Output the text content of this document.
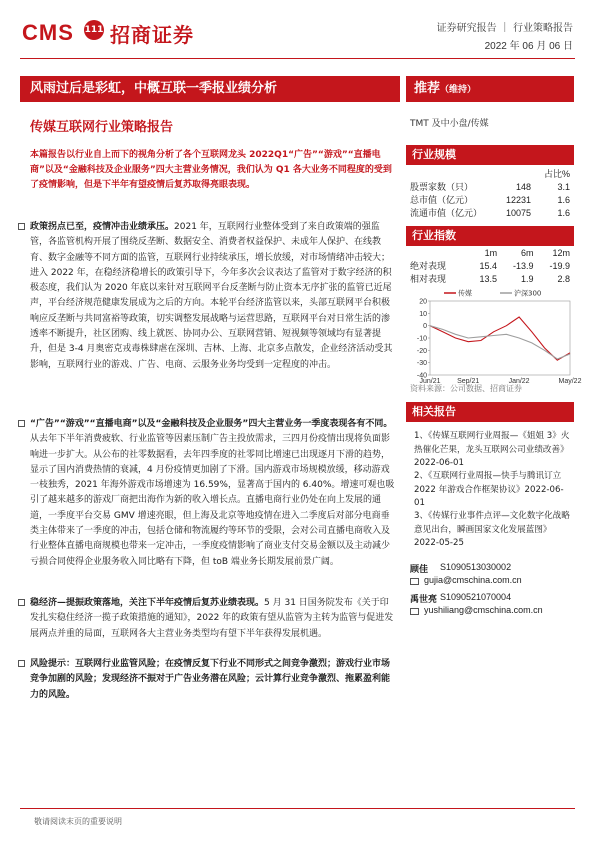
CMS 111 招商证券	证券研究报告 ｜ 行业策略报告
2022 年 06 月 06 日
风雨过后是彩虹，中概互联一季报业绩分析
传媒互联网行业策略报告
本篇报告以行业自上而下的视角分析了各个互联网龙头 2022Q1“广告”“游戏”“直播电商”以及“金融科技及企业服务”四大主营业务情况，我们认为 Q1 各大业务不同程度的受到了疫情影响，但是下半年有望疫情后复苏取得亮眼表现。
政策拐点已至，疫情冲击业绩承压。2021 年，互联网行业整体受到了来自政策端的强监管，各监管机构开展了围绕反垄断、数据安全、消费者权益保护、未成年人保护、在线教育、数字金融等不同方面的监管，互联网行业持续承压，增长放缓，对市场情绪冲击较大；进入 2022 年，在稳经济稳增长的政策引导下，今年多次会议表达了监管对于数字经济的积极态度，我们认为 2020 年底以来针对互联网平台反垄断与防止资本无序扩张的监管已近尾声，平台经济规范健康发展成为之后的方向。本轮平台经济监管以来，头部互联网平台积极响应反垄断与共同富裕等政策，切实调整发展战略与运营思路，互联网平台对日常生活的渗透率不断提升，社区团购、线上就医、协同办公、互联网营销、短视频等领域均有显著提升，但是 3-4 月奥密克戎毒株肆虐在深圳、吉林、上海、北京多点散发，企业经济活动受其影响，互联网行业的游戏、广告、电商、云服务业务均受到一定程度的冲击。
“广告”“游戏”“直播电商”以及“金融科技及企业服务”四大主营业务一季度表现各有不同。从去年下半年消费疲软、行业监管等因素压制广告主投放需求，三四月份疫情出现将负面影响进一步扩大。从公布的社零数据看，去年四季度的社零同比增速已出现逐月下滑的趋势，显示了国内消费热情的衰减，4 月份疫情更加剧了下滑。国内游戏市场规模放缓，移动游戏一枝独秀，2021 年海外游戏市场增速为 16.59%，显著高于国内的 6.40%。增速可观也吸引了越来越多的游戏厂商把出海作为新的收入增长点。直播电商行业仍处在向上发展的通道，一季度平台交易 GMV 增速亮眼，但上海及北京等地疫情在进入二季度后对部分电商垂类主体带来了一季度的冲击，包括仓储和物流履约等环节的受限，会对公司直播电商收入及行业整体直播电商规模也带来一定冲击，一季度疫情影响了商业支付交易金额以及主动减少亏损合同使得企业服务收入同比略有下降，但 toB 端业务长期发展前景广阔。
稳经济—提振政策落地，关注下半年疫情后复苏业绩表现。5 月 31 日国务院发布《关于印发扎实稳住经济一揽子政策措施的通知》，2022 年的政策有望从监管为主转为监管与促进发展两点并重的局面，互联网各大主营业务类型均有望下半年获得发展机遇。
风险提示：互联网行业监管风险；在疫情反复下行业不同形式之间竞争激烈；游戏行业市场竞争加剧的风险；发现经济不振对于广告业务潜在风险；云计算行业竞争激烈、拖累盈利能力的风险。
推荐（维持）
TMT 及中小盘/传媒
行业规模
		占比%
股票家数（只）	148	3.1
总市值（亿元）	12231	1.6
流通市值（亿元）	10075	1.6
行业指数
	1m	6m	12m
绝对表现	15.4	-13.9	-19.9
相对表现	13.5	1.9	2.8
20
10
0
-10
-20
-30
-40
Jun/21 Sep/21	Jan/22	May/22
传媒	沪深300
资料来源：公司数据、招商证券
相关报告
1、《传媒互联网行业周报—《姐姐 3》火热催化芒果，龙头互联网公司业绩改善》2022-06-01
2、《互联网行业周报—快手与腾讯订立 2022 年游戏合作框架协议》2022-06-01
3、《传媒行业事件点评—文化数字化战略意见出台，瞬画国家文化发展蓝图》2022-05-25
顾佳 S1090513030002
gujia@cmschina.com.cn
禹世亮 S1090521070004
yushiliang@cmschina.com.cn
敬请阅读末页的重要说明
